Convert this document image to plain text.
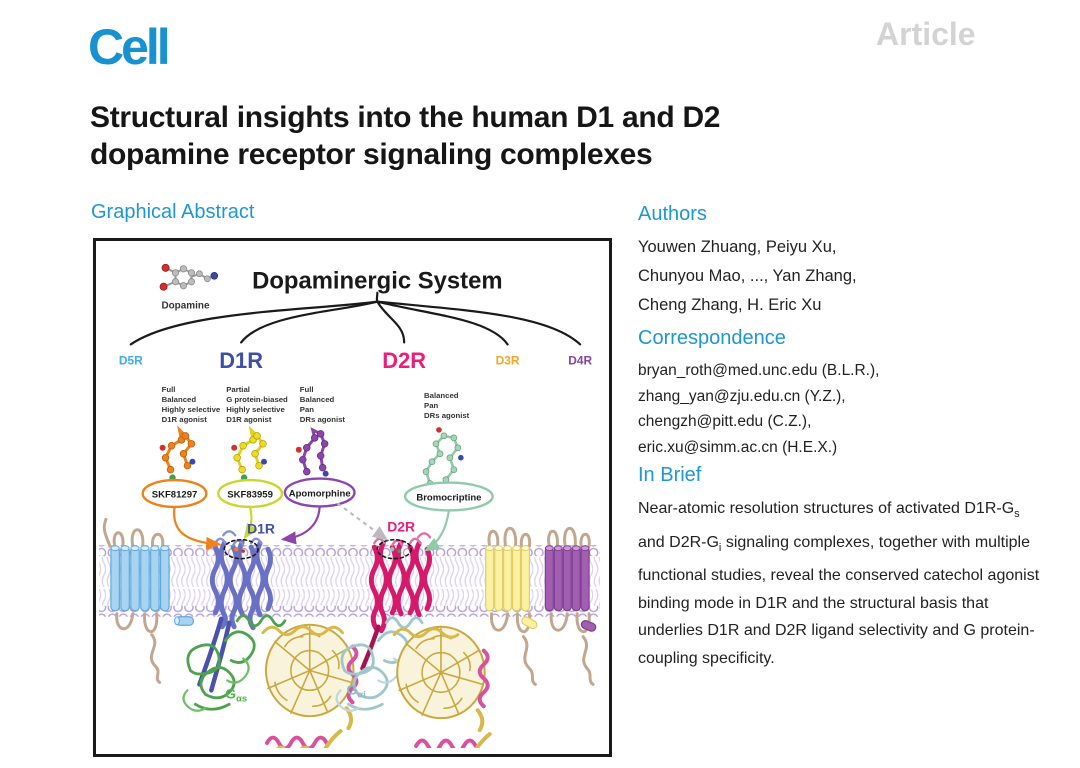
Cell	Article
Structural insights into the human D1 and D2
dopamine receptor signaling complexes
Graphical Abstract
Dopaminergic System
Dopamine
D5R	D1R	D2R	D3R	D4R
Full
Balanced
Highly selective
D1R agonist
Partial
G protein-biased
Highly selective
D1R agonist
Full
Balanced
Pan
DRs agonist
Balanced
Pan
DRs agonist
SKF81297	SKF83959 Apomorphine	Bromocriptine
D1R	D2R
$G_{\alpha s}$
$G_{\alpha i}$
Authors
Youwen Zhuang, Peiyu Xu,
Chunyou Mao, ..., Yan Zhang,
Cheng Zhang, H. Eric Xu
Correspondence
bryan_roth@med.unc.edu (B.L.R.),
zhang_yan@zju.edu.cn (Y.Z.),
chengzh@pitt.edu (C.Z.),
eric.xu@simm.ac.cn (H.E.X.)
In Brief
Near-atomic resolution structures of activated $D1R-G_s$ and $D2R-G_i$ signaling complexes, together with multiple functional studies, reveal the conserved catechol agonist binding mode in D1R and the structural basis that underlies D1R and D2R ligand selectivity and G protein-coupling specificity.
